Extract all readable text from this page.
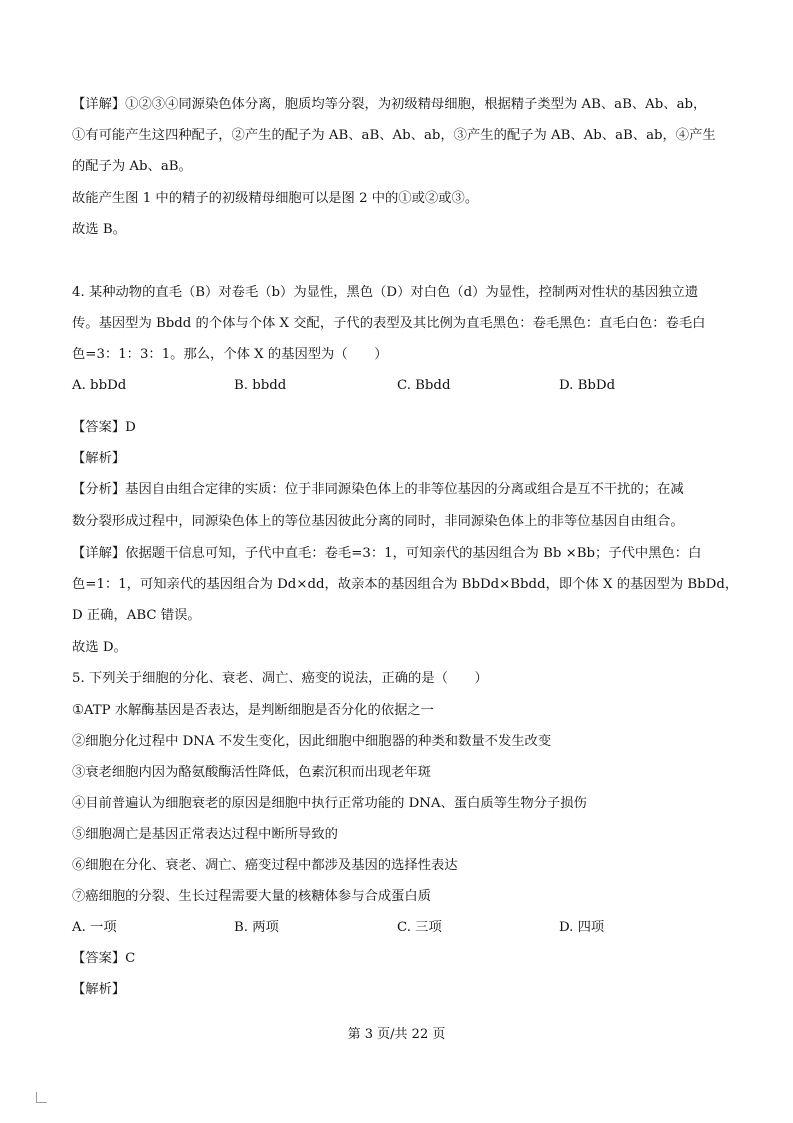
【详解】①②③④同源染色体分离，胞质均等分裂，为初级精母细胞，根据精子类型为 AB、aB、Ab、ab，
①有可能产生这四种配子，②产生的配子为 AB、aB、Ab、ab，③产生的配子为 AB、Ab、aB、ab，④产生
的配子为 Ab、aB。
故能产生图 1 中的精子的初级精母细胞可以是图 2 中的①或②或③。
故选 B。
4. 某种动物的直毛（B）对卷毛（b）为显性，黑色（D）对白色（d）为显性，控制两对性状的基因独立遗
传。基因型为 Bbdd 的个体与个体 X 交配，子代的表型及其比例为直毛黑色：卷毛黑色：直毛白色：卷毛白
色=3：1：3：1。那么，个体 X 的基因型为（　　）
A. bbDd	B. bbdd	C. Bbdd	D. BbDd
【答案】D
【解析】
【分析】基因自由组合定律的实质：位于非同源染色体上的非等位基因的分离或组合是互不干扰的；在减
数分裂形成过程中，同源染色体上的等位基因彼此分离的同时，非同源染色体上的非等位基因自由组合。
【详解】依据题干信息可知，子代中直毛：卷毛=3：1，可知亲代的基因组合为 Bb ×Bb；子代中黑色：白
色=1：1，可知亲代的基因组合为 Dd×dd，故亲本的基因组合为 BbDd×Bbdd，即个体 X 的基因型为 BbDd，
D 正确，ABC 错误。
故选 D。
5. 下列关于细胞的分化、衰老、凋亡、癌变的说法，正确的是（　　）
①ATP 水解酶基因是否表达，是判断细胞是否分化的依据之一
②细胞分化过程中 DNA 不发生变化，因此细胞中细胞器的种类和数量不发生改变
③衰老细胞内因为酪氨酸酶活性降低，色素沉积而出现老年斑
④目前普遍认为细胞衰老的原因是细胞中执行正常功能的 DNA、蛋白质等生物分子损伤
⑤细胞凋亡是基因正常表达过程中断所导致的
⑥细胞在分化、衰老、凋亡、癌变过程中都涉及基因的选择性表达
⑦癌细胞的分裂、生长过程需要大量的核糖体参与合成蛋白质
A. 一项	B. 两项	C. 三项	D. 四项
【答案】C
【解析】
第 3 页/共 22 页
